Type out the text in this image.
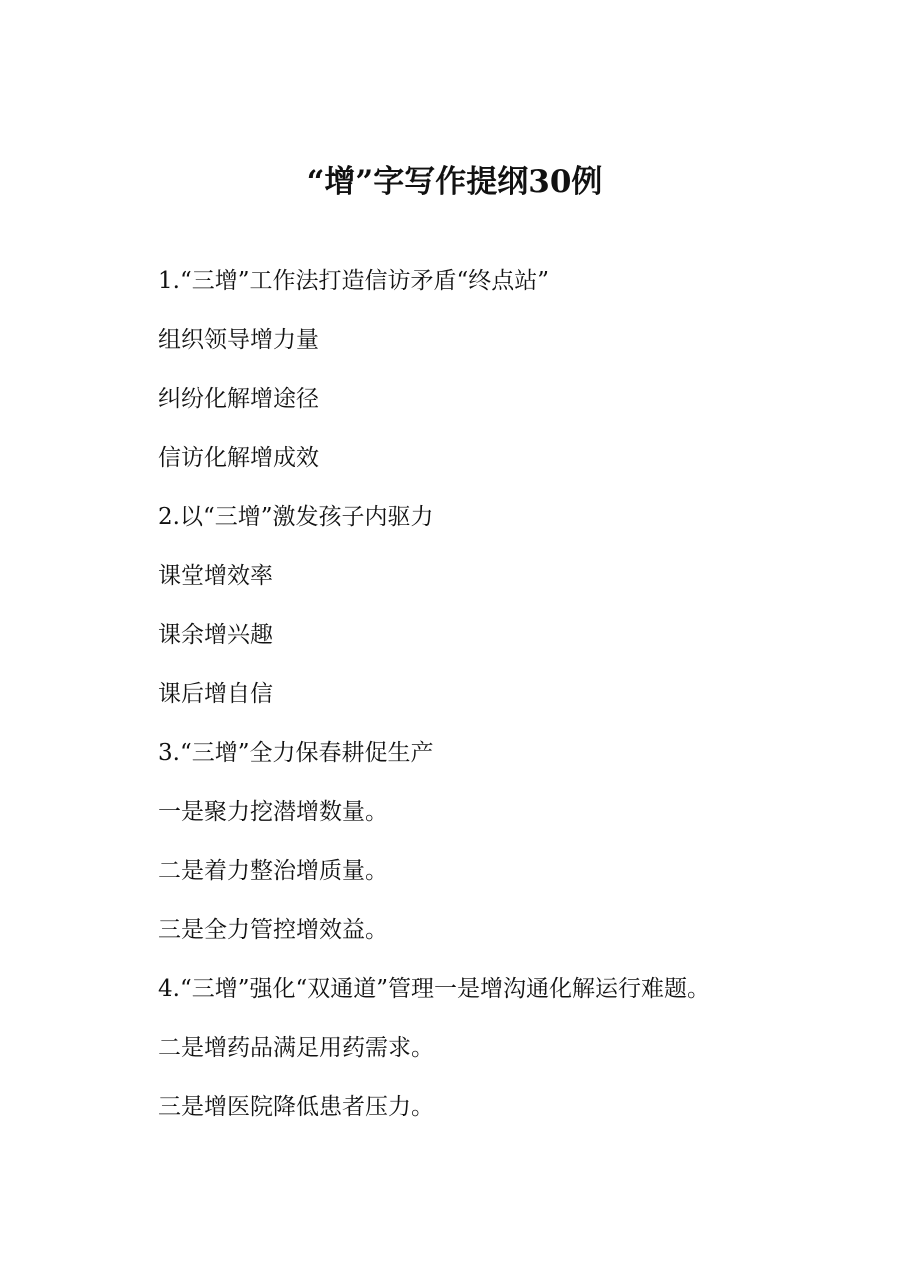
“增”字写作提纲30例
1.“三增”工作法打造信访矛盾“终点站”
组织领导增力量
纠纷化解增途径
信访化解增成效
2.以“三增”激发孩子内驱力
课堂增效率
课余增兴趣
课后增自信
3.“三增”全力保春耕促生产
一是聚力挖潜增数量。
二是着力整治增质量。
三是全力管控增效益。
4.“三增”强化“双通道”管理一是增沟通化解运行难题。
二是增药品满足用药需求。
三是增医院降低患者压力。
